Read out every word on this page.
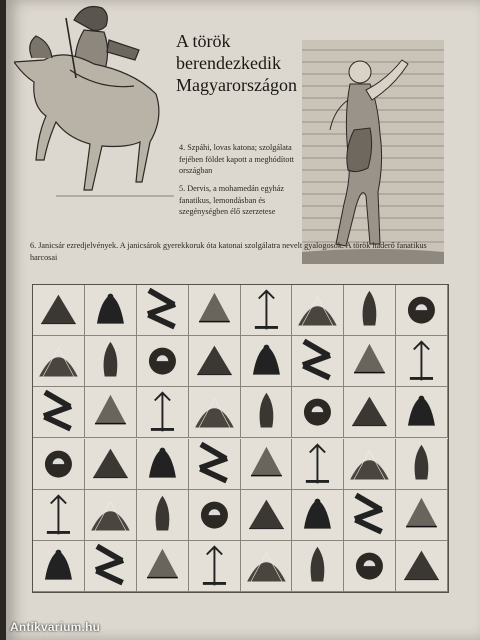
A török
berendezkedik
Magyarországon
4. Szpáhi, lovas katona; szolgálata fejében földet kapott a meghódított országban
5. Dervis, a mohamedán egyház fanatikus, lemondásban és szegénységben élő szerzetese
6. Janicsár ezredjelvények. A janicsárok gyerekkoruk óta katonai szolgálatra nevelt gyalogosok. A török haderő fanatikus harcosai
Antikvarium.hu
